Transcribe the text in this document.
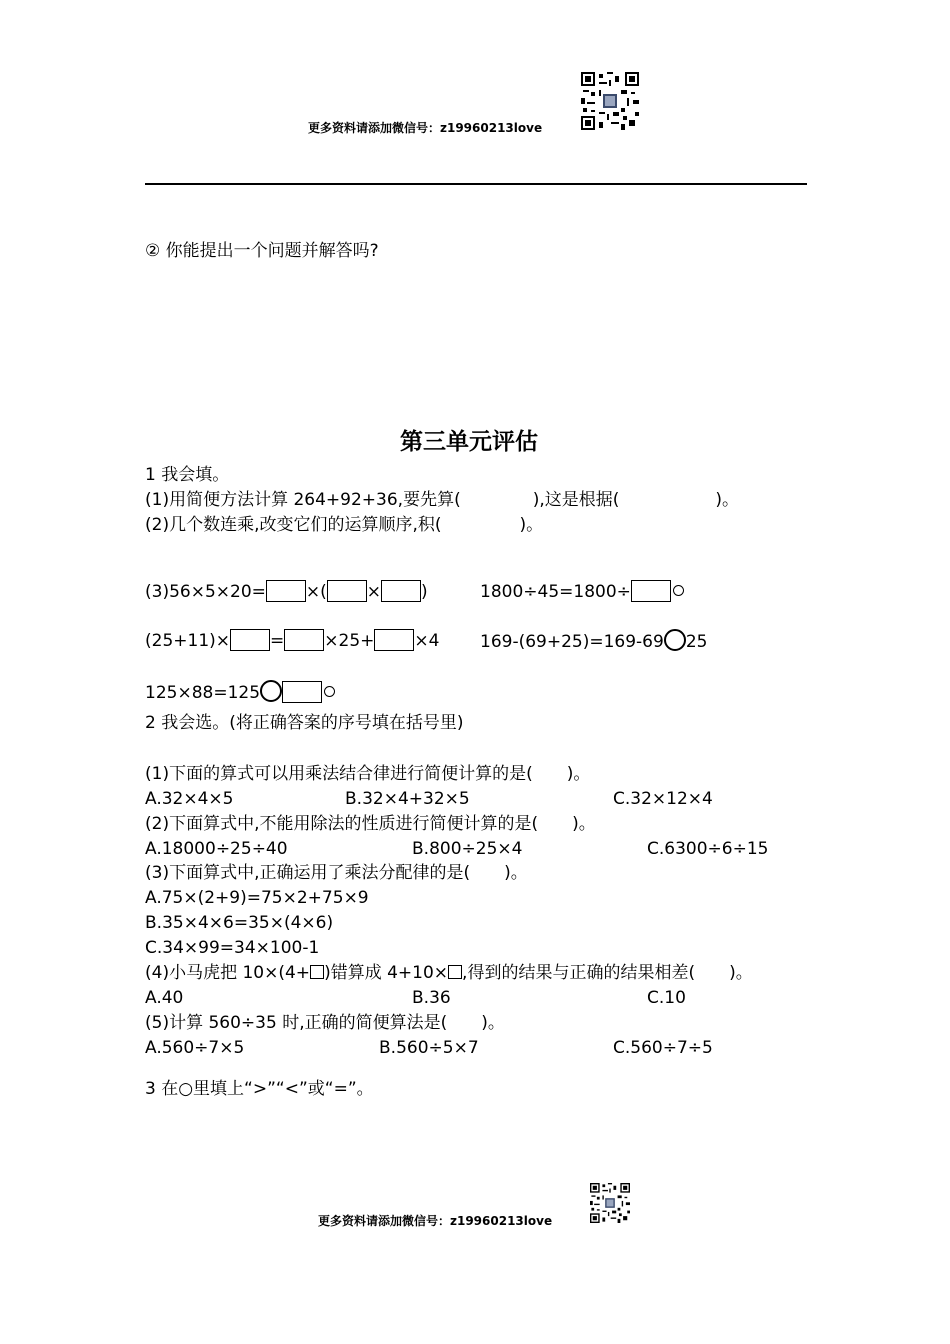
更多资料请添加微信号：z19960213love
② 你能提出一个问题并解答吗?
第三单元评估
1 我会填。
(1)用简便方法计算 264+92+36,要先算(	),这是根据(	)。
(2)几个数连乘,改变它们的运算顺序,积(	)。
(3)56×5×20= ×( × )	1800÷45=1800÷
(25+11)× = ×25+ ×4 169-(69+25)=169-69 25
125×88=125
2 我会选。(将正确答案的序号填在括号里)
(1)下面的算式可以用乘法结合律进行简便计算的是(　　)。
A.32×4×5	B.32×4+32×5	C.32×12×4
(2)下面算式中,不能用除法的性质进行简便计算的是(　　)。
A.18000÷25÷40	B.800÷25×4	C.6300÷6÷15
(3)下面算式中,正确运用了乘法分配律的是(　　)。
A.75×(2+9)=75×2+75×9
B.35×4×6=35×(4×6)
C.34×99=34×100-1
(4)小马虎把 10×(4+ )错算成 4+10× ,得到的结果与正确的结果相差(　　)。
A.40	B.36	C.10
(5)计算 560÷35 时,正确的简便算法是(　　)。
A.560÷7×5	B.560÷5×7	C.560÷7÷5
3 在○里填上“>”“<”或“=”。
更多资料请添加微信号：z19960213love
